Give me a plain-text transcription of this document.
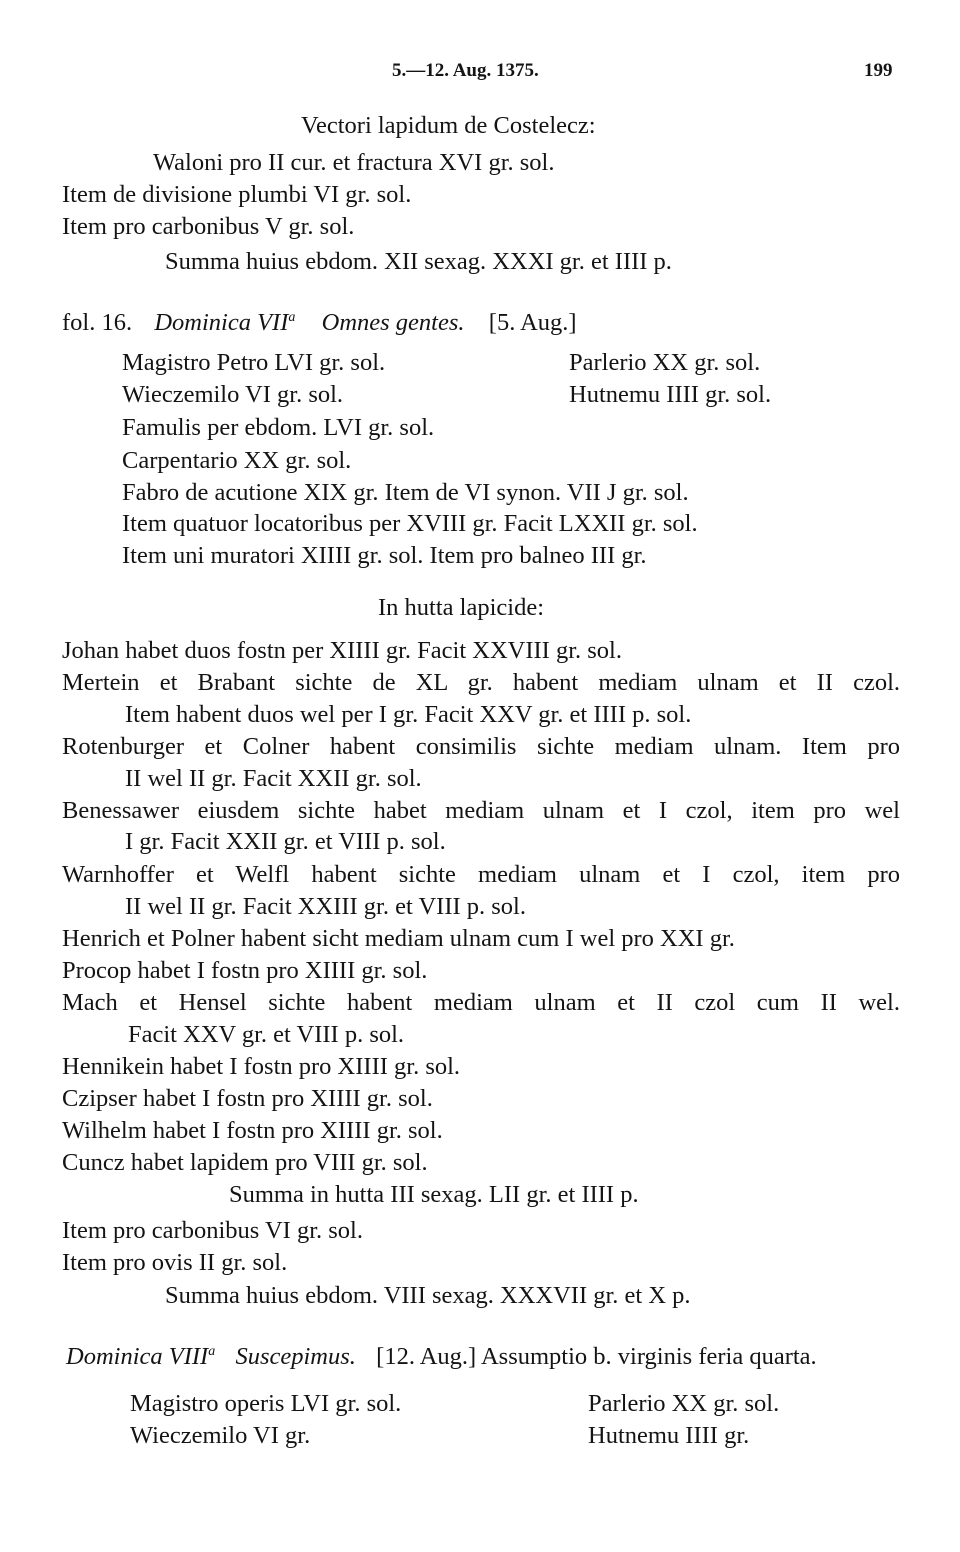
5.—12. Aug. 1375.	199
Vectori lapidum de Costelecz:
Waloni pro II cur. et fractura XVI gr. sol.
Item de divisione plumbi VI gr. sol.
Item pro carbonibus V gr. sol.
Summa huius ebdom. XII sexag. XXXI gr. et IIII p.
fol. 16. Dominica VII$^a$ Omnes gentes. [5. Aug.]
Magistro Petro LVI gr. sol.	Parlerio XX gr. sol.
Wieczemilo VI gr. sol.	Hutnemu IIII gr. sol.
Famulis per ebdom. LVI gr. sol.
Carpentario XX gr. sol.
Fabro de acutione XIX gr. Item de VI synon. VII J gr. sol.
Item quatuor locatoribus per XVIII gr. Facit LXXII gr. sol.
Item uni muratori XIIII gr. sol. Item pro balneo III gr.
In hutta lapicide:
Johan habet duos fostn per XIIII gr. Facit XXVIII gr. sol.
Mertein et Brabant sichte de XL gr. habent mediam ulnam et II czol.
Item habent duos wel per I gr. Facit XXV gr. et IIII p. sol.
Rotenburger et Colner habent consimilis sichte mediam ulnam. Item pro
II wel II gr. Facit XXII gr. sol.
Benessawer eiusdem sichte habet mediam ulnam et I czol, item pro wel
I gr. Facit XXII gr. et VIII p. sol.
Warnhoffer et Welfl habent sichte mediam ulnam et I czol, item pro
II wel II gr. Facit XXIII gr. et VIII p. sol.
Henrich et Polner habent sicht mediam ulnam cum I wel pro XXI gr.
Procop habet I fostn pro XIIII gr. sol.
Mach et Hensel sichte habent mediam ulnam et II czol cum II wel.
Facit XXV gr. et VIII p. sol.
Hennikein habet I fostn pro XIIII gr. sol.
Czipser habet I fostn pro XIIII gr. sol.
Wilhelm habet I fostn pro XIIII gr. sol.
Cuncz habet lapidem pro VIII gr. sol.
Summa in hutta III sexag. LII gr. et IIII p.
Item pro carbonibus VI gr. sol.
Item pro ovis II gr. sol.
Summa huius ebdom. VIII sexag. XXXVII gr. et X p.
Dominica VIII$^a$ Suscepimus. [12. Aug.] Assumptio b. virginis feria quarta.
Magistro operis LVI gr. sol.	Parlerio XX gr. sol.
Wieczemilo VI gr.	Hutnemu IIII gr.
